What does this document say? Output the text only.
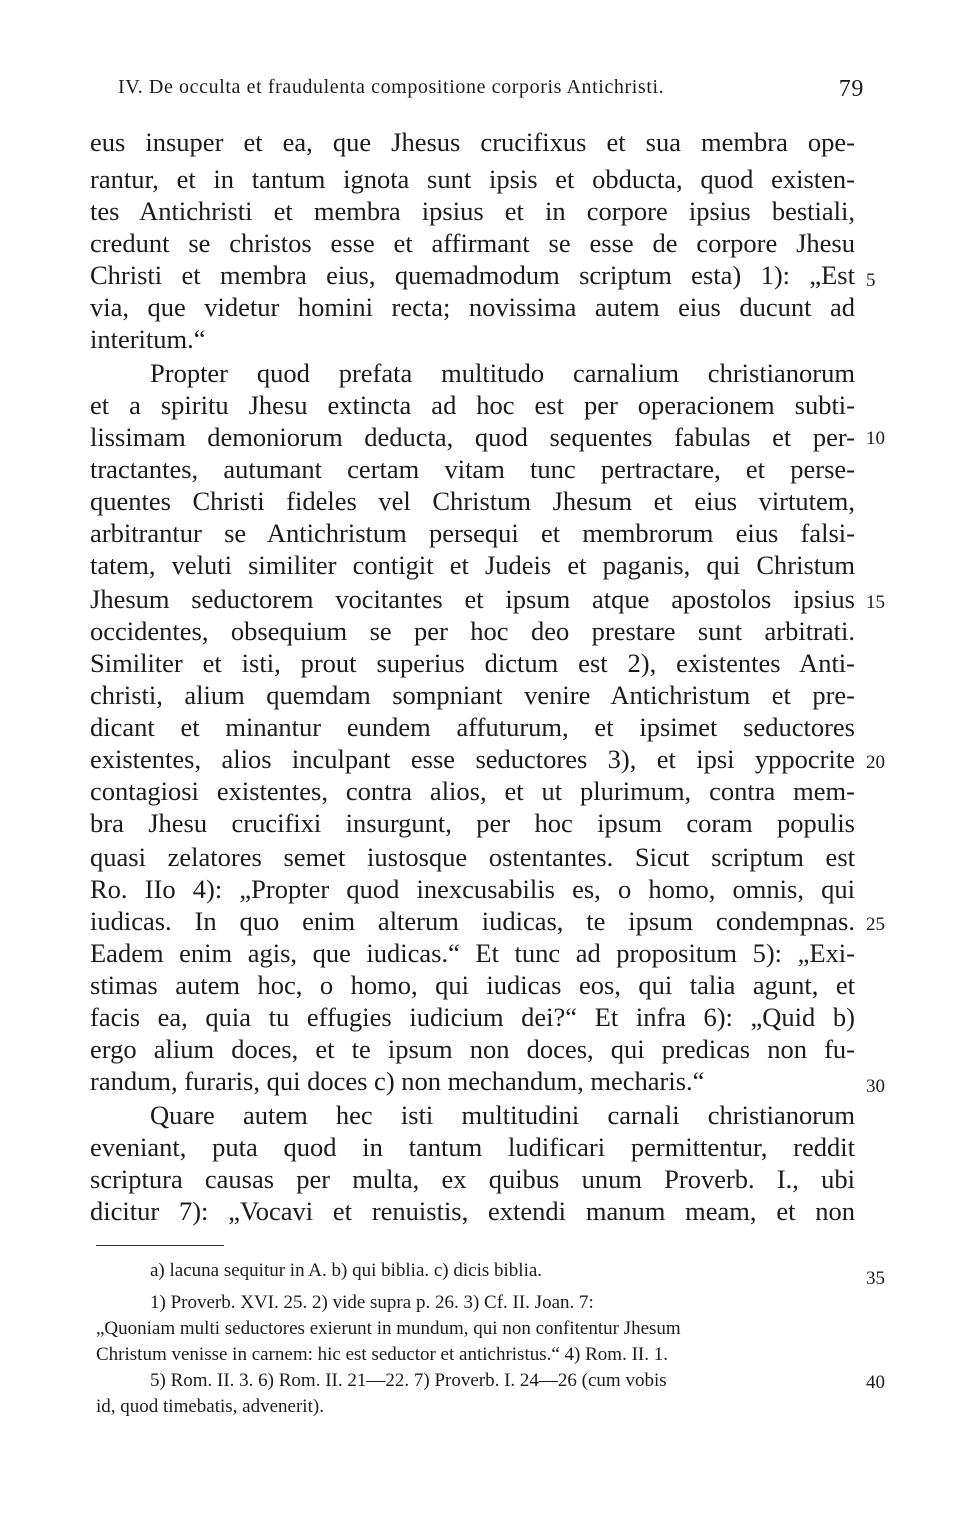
IV. De occulta et fraudulenta compositione corporis Antichristi.	79
eus insuper et ea, que Jhesus crucifixus et sua membra ope-
rantur, et in tantum ignota sunt ipsis et obducta, quod existen-
tes Antichristi et membra ipsius et in corpore ipsius bestiali,
credunt se christos esse et affirmant se esse de corpore Jhesu
Christi et membra eius, quemadmodum scriptum esta) 1): „Est
via, que videtur homini recta; novissima autem eius ducunt ad
interitum.“
Propter quod prefata multitudo carnalium christianorum
et a spiritu Jhesu extincta ad hoc est per operacionem subti-
lissimam demoniorum deducta, quod sequentes fabulas et per-
tractantes, autumant certam vitam tunc pertractare, et perse-
quentes Christi fideles vel Christum Jhesum et eius virtutem,
arbitrantur se Antichristum persequi et membrorum eius falsi-
tatem, veluti similiter contigit et Judeis et paganis, qui Christum
Jhesum seductorem vocitantes et ipsum atque apostolos ipsius
occidentes, obsequium se per hoc deo prestare sunt arbitrati.
Similiter et isti, prout superius dictum est 2), existentes Anti-
christi, alium quemdam sompniant venire Antichristum et pre-
dicant et minantur eundem affuturum, et ipsimet seductores
existentes, alios inculpant esse seductores 3), et ipsi yppocrite
contagiosi existentes, contra alios, et ut plurimum, contra mem-
bra Jhesu crucifixi insurgunt, per hoc ipsum coram populis
quasi zelatores semet iustosque ostentantes. Sicut scriptum est
Ro. IIo 4): „Propter quod inexcusabilis es, o homo, omnis, qui
iudicas. In quo enim alterum iudicas, te ipsum condempnas.
Eadem enim agis, que iudicas.“ Et tunc ad propositum 5): „Exi-
stimas autem hoc, o homo, qui iudicas eos, qui talia agunt, et
facis ea, quia tu effugies iudicium dei?“ Et infra 6): „Quid b)
ergo alium doces, et te ipsum non doces, qui predicas non fu-
randum, furaris, qui doces c) non mechandum, mecharis.“
Quare autem hec isti multitudini carnali christianorum
eveniant, puta quod in tantum ludificari permittentur, reddit
scriptura causas per multa, ex quibus unum Proverb. I., ubi
dicitur 7): „Vocavi et renuistis, extendi manum meam, et non
5
10
15
20
25
30
35
40
a) lacuna sequitur in A. b) qui biblia. c) dicis biblia.
1) Proverb. XVI. 25. 2) vide supra p. 26. 3) Cf. II. Joan. 7:
„Quoniam multi seductores exierunt in mundum, qui non confitentur Jhesum
Christum venisse in carnem: hic est seductor et antichristus.“ 4) Rom. II. 1.
5) Rom. II. 3. 6) Rom. II. 21—22. 7) Proverb. I. 24—26 (cum vobis
id, quod timebatis, advenerit).
